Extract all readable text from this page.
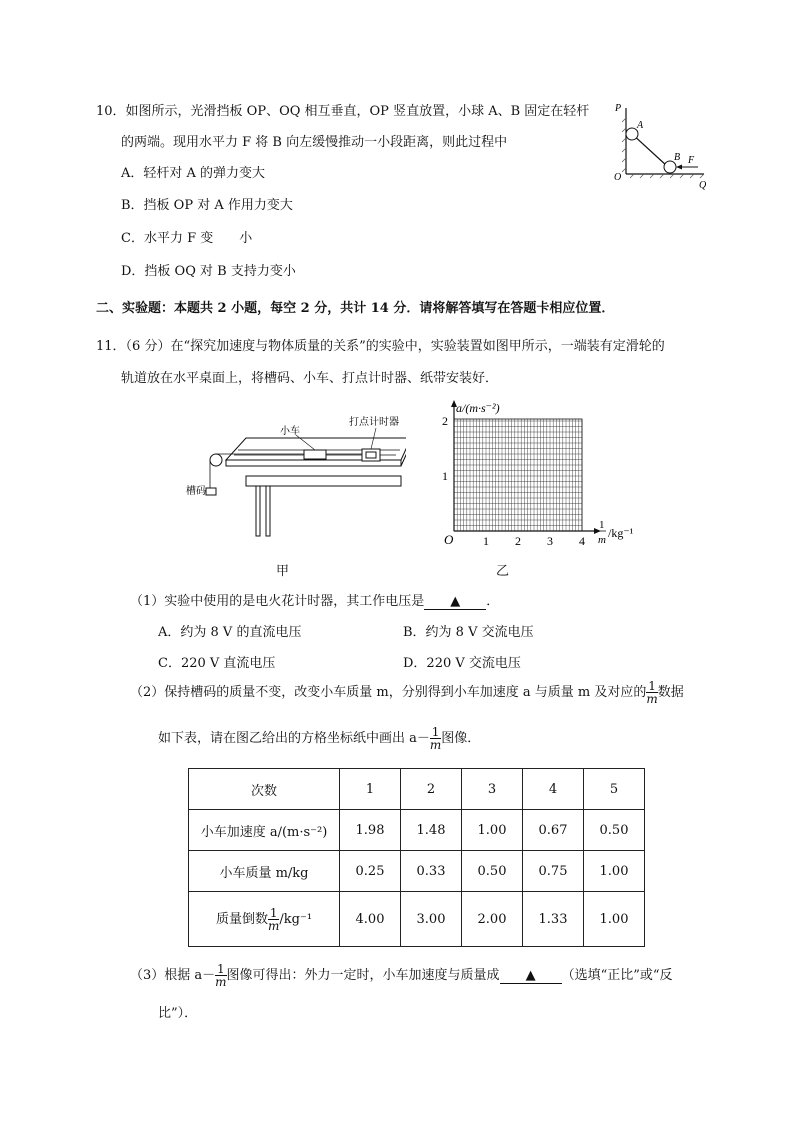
10．如图所示，光滑挡板 OP、OQ 相互垂直，OP 竖直放置，小球 A、B 固定在轻杆
的两端。现用水平力 F 将 B 向左缓慢推动一小段距离，则此过程中
A．轻杆对 A 的弹力变大
B．挡板 OP 对 A 作用力变大
C．水平力 F 变　　小
D．挡板 OQ 对 B 支持力变小
P
A
B F
O
Q
二、实验题：本题共 2 小题，每空 2 分，共计 14 分．请将解答填写在答题卡相应位置．
11．（6 分）在“探究加速度与物体质量的关系”的实验中，实验装置如图甲所示，一端装有定滑轮的
轨道放在水平桌面上，将槽码、小车、打点计时器、纸带安装好．
小车
打点计时器
槽码
甲
a/(m·s⁻²)
1
m /kg⁻¹
O 1 2 3 4
1
2
乙
（1）实验中使用的是电火花计时器，其工作电压是 ▲ ．
A．约为 8 V 的直流电压	B．约为 8 V 交流电压
C．220 V 直流电压	D．220 V 交流电压
（2）保持槽码的质量不变，改变小车质量 m，分别得到小车加速度 a 与质量 m 及对应的 $\frac{1}{m}$ 数据
如下表，请在图乙给出的方格坐标纸中画出 $a- \frac{1}{m}$ 图像．
次数	1	2	3	4	5
小车加速度 a/(m·s⁻²)	1.98	1.48	1.00	0.67	0.50
小车质量 m/kg	0.25	0.33	0.50	0.75	1.00
质量倒数 $\frac{1}{m} /kg^{-1}$	4.00	3.00	2.00	1.33	1.00
（3）根据 $a- \frac{1}{m}$ 图像可得出：外力一定时，小车加速度与质量成 ▲ （选填“正比”或“反
比”）．
